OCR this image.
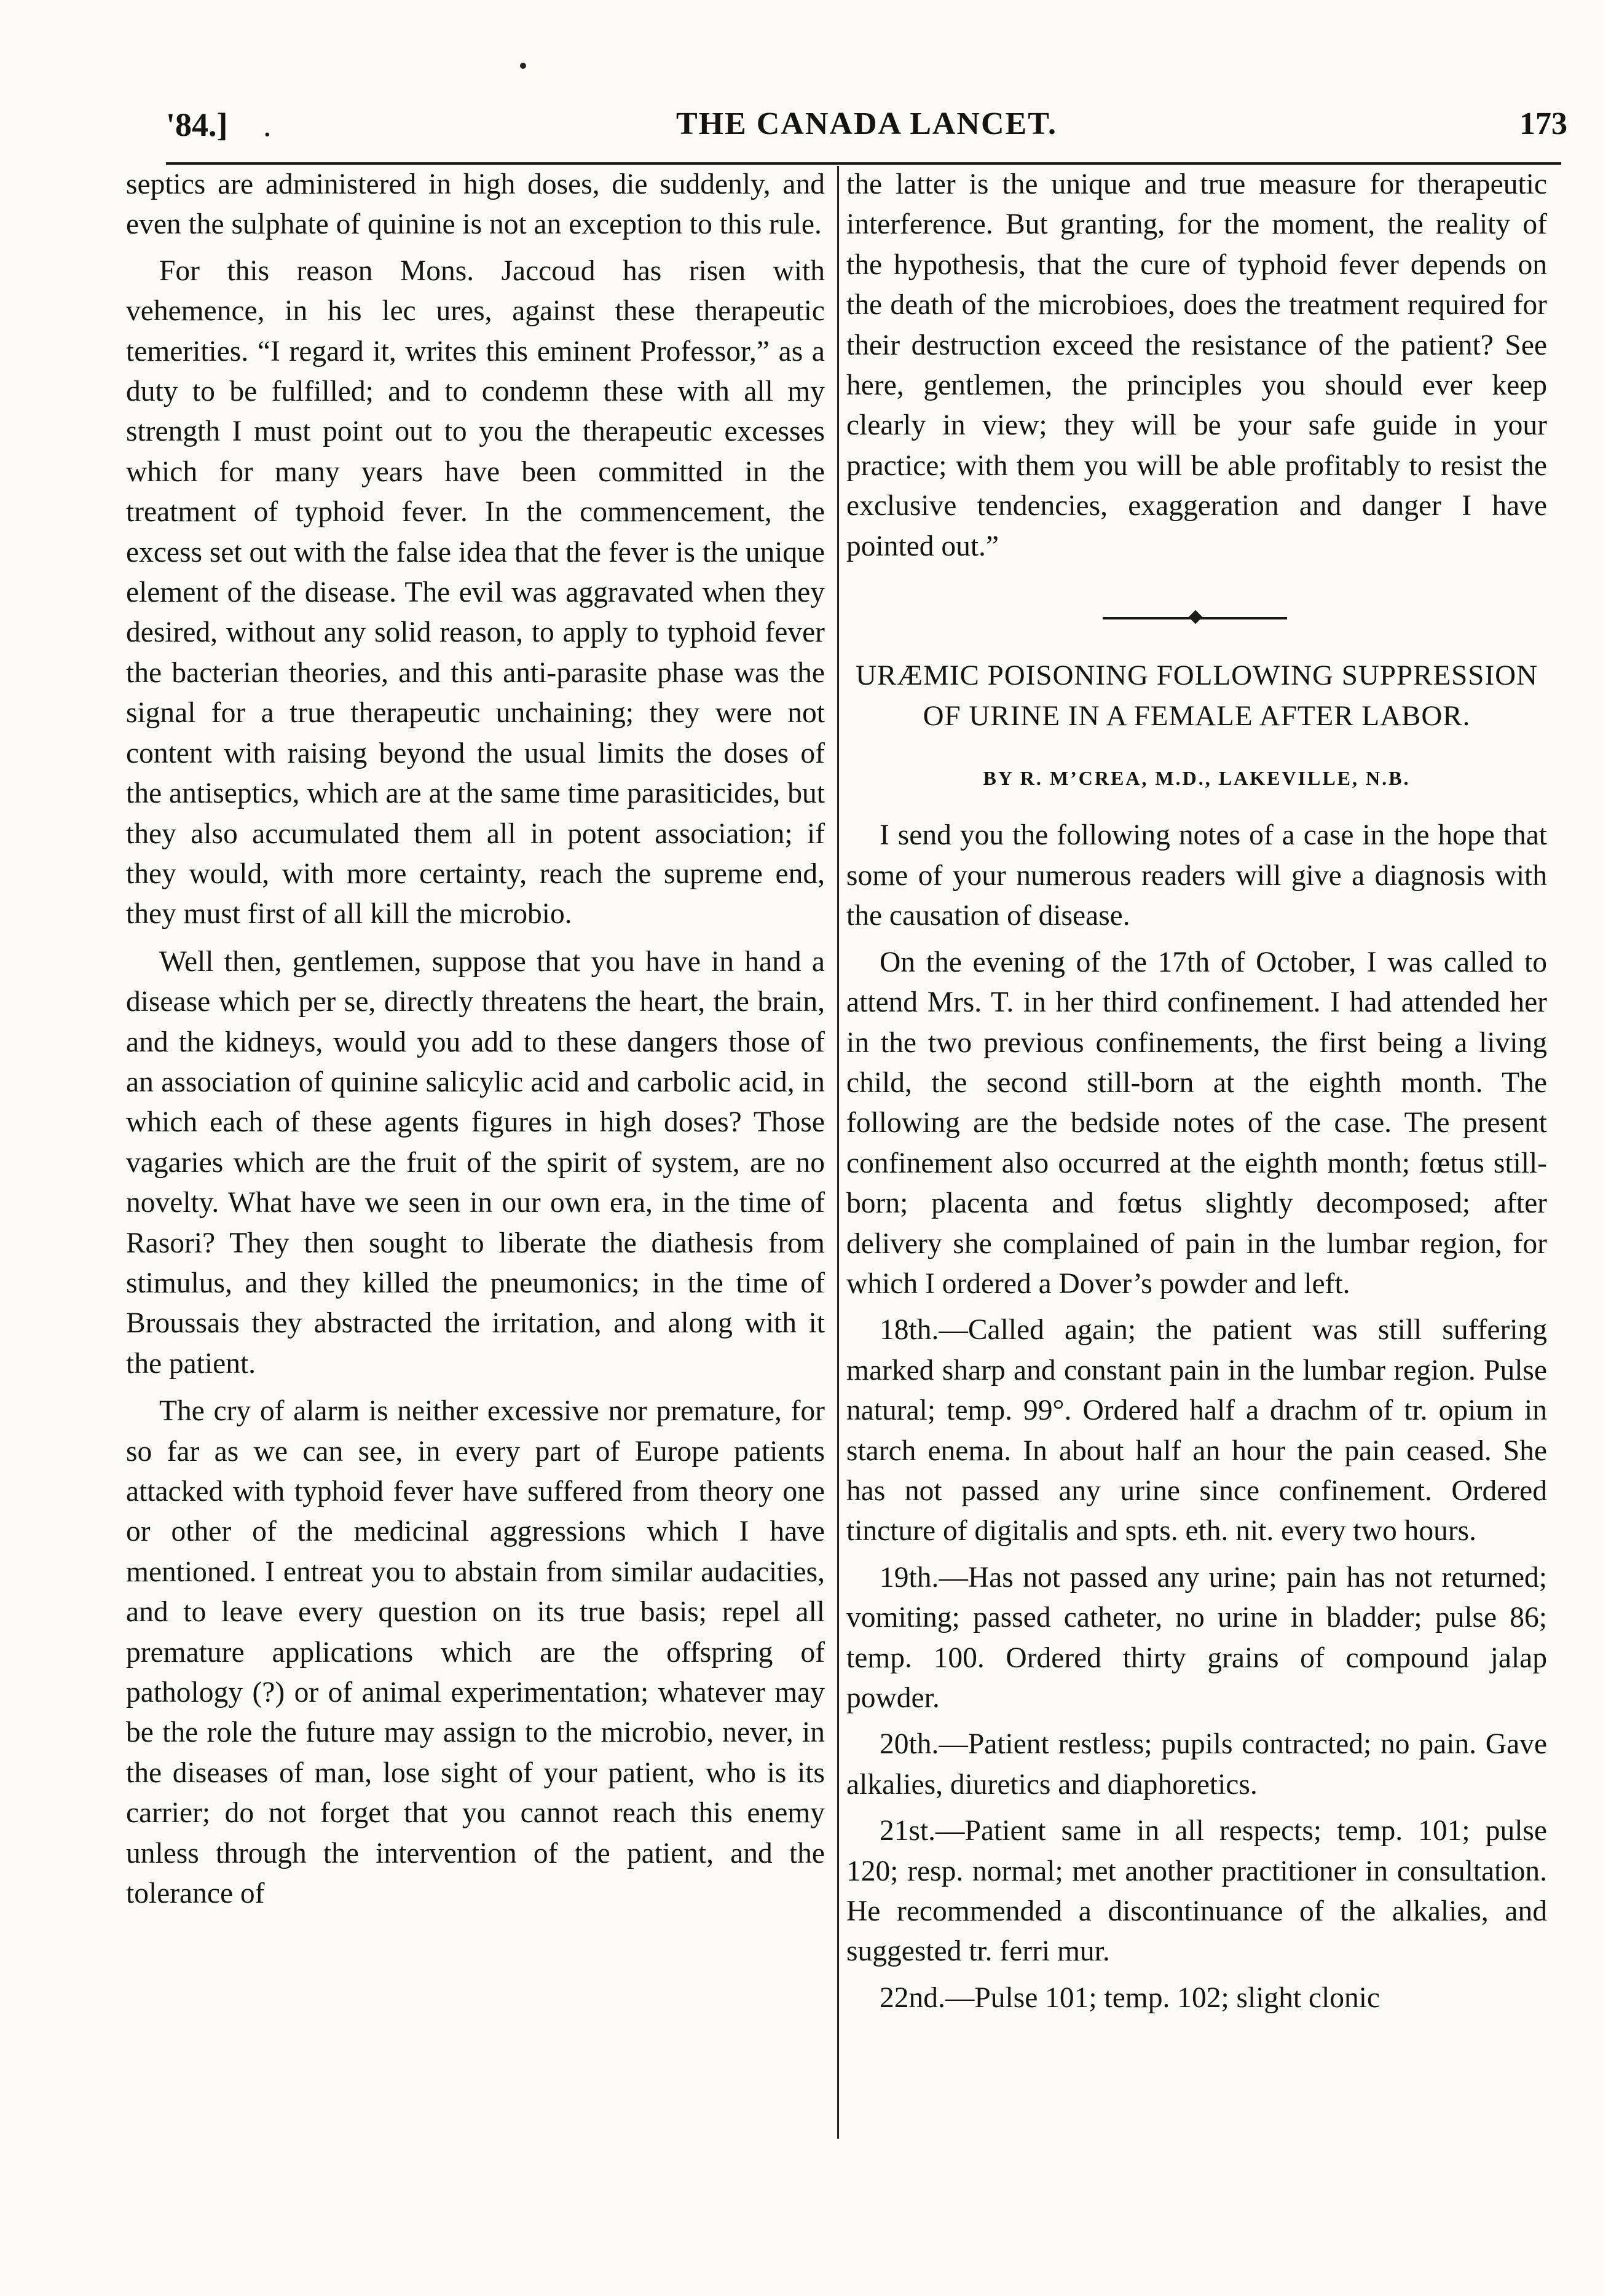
'84.] .	THE CANADA LANCET.	173

septics are administered in high doses, die suddenly, and even the sulphate of quinine is not an exception to this rule.

For this reason Mons. Jaccoud has risen with vehemence, in his lec ures, against these therapeutic temerities. “I regard it, writes this eminent Professor,” as a duty to be fulfilled; and to condemn these with all my strength I must point out to you the therapeutic excesses which for many years have been committed in the treatment of typhoid fever. In the commencement, the excess set out with the false idea that the fever is the unique element of the disease. The evil was aggravated when they desired, without any solid reason, to apply to typhoid fever the bacterian theories, and this anti-parasite phase was the signal for a true therapeutic unchaining; they were not content with raising beyond the usual limits the doses of the antiseptics, which are at the same time parasiticides, but they also accumulated them all in potent association; if they would, with more certainty, reach the supreme end, they must first of all kill the microbio.

Well then, gentlemen, suppose that you have in hand a disease which per se, directly threatens the heart, the brain, and the kidneys, would you add to these dangers those of an association of quinine salicylic acid and carbolic acid, in which each of these agents figures in high doses? Those vagaries which are the fruit of the spirit of system, are no novelty. What have we seen in our own era, in the time of Rasori? They then sought to liberate the diathesis from stimulus, and they killed the pneumonics; in the time of Broussais they abstracted the irritation, and along with it the patient.

The cry of alarm is neither excessive nor premature, for so far as we can see, in every part of Europe patients attacked with typhoid fever have suffered from theory one or other of the medicinal aggressions which I have mentioned. I entreat you to abstain from similar audacities, and to leave every question on its true basis; repel all premature applications which are the offspring of pathology (?) or of animal experimentation; whatever may be the role the future may assign to the microbio, never, in the diseases of man, lose sight of your patient, who is its carrier; do not forget that you cannot reach this enemy unless through the intervention of the patient, and the tolerance of

the latter is the unique and true measure for therapeutic interference. But granting, for the moment, the reality of the hypothesis, that the cure of typhoid fever depends on the death of the microbioes, does the treatment required for their destruction exceed the resistance of the patient? See here, gentlemen, the principles you should ever keep clearly in view; they will be your safe guide in your practice; with them you will be able profitably to resist the exclusive tendencies, exaggeration and danger I have pointed out.”

URÆMIC POISONING FOLLOWING SUPPRESSION OF URINE IN A FEMALE AFTER LABOR.
BY R. M’CREA, M.D., LAKEVILLE, N.B.

I send you the following notes of a case in the hope that some of your numerous readers will give a diagnosis with the causation of disease.

On the evening of the 17th of October, I was called to attend Mrs. T. in her third confinement. I had attended her in the two previous confinements, the first being a living child, the second still-born at the eighth month. The following are the bedside notes of the case. The present confinement also occurred at the eighth month; fœtus still-born; placenta and fœtus slightly decomposed; after delivery she complained of pain in the lumbar region, for which I ordered a Dover’s powder and left.

18th.—Called again; the patient was still suffering marked sharp and constant pain in the lumbar region. Pulse natural; temp. 99°. Ordered half a drachm of tr. opium in starch enema. In about half an hour the pain ceased. She has not passed any urine since confinement. Ordered tincture of digitalis and spts. eth. nit. every two hours.

19th.—Has not passed any urine; pain has not returned; vomiting; passed catheter, no urine in bladder; pulse 86; temp. 100. Ordered thirty grains of compound jalap powder.

20th.—Patient restless; pupils contracted; no pain. Gave alkalies, diuretics and diaphoretics.

21st.—Patient same in all respects; temp. 101; pulse 120; resp. normal; met another practitioner in consultation. He recommended a discontinuance of the alkalies, and suggested tr. ferri mur.

22nd.—Pulse 101; temp. 102; slight clonic
